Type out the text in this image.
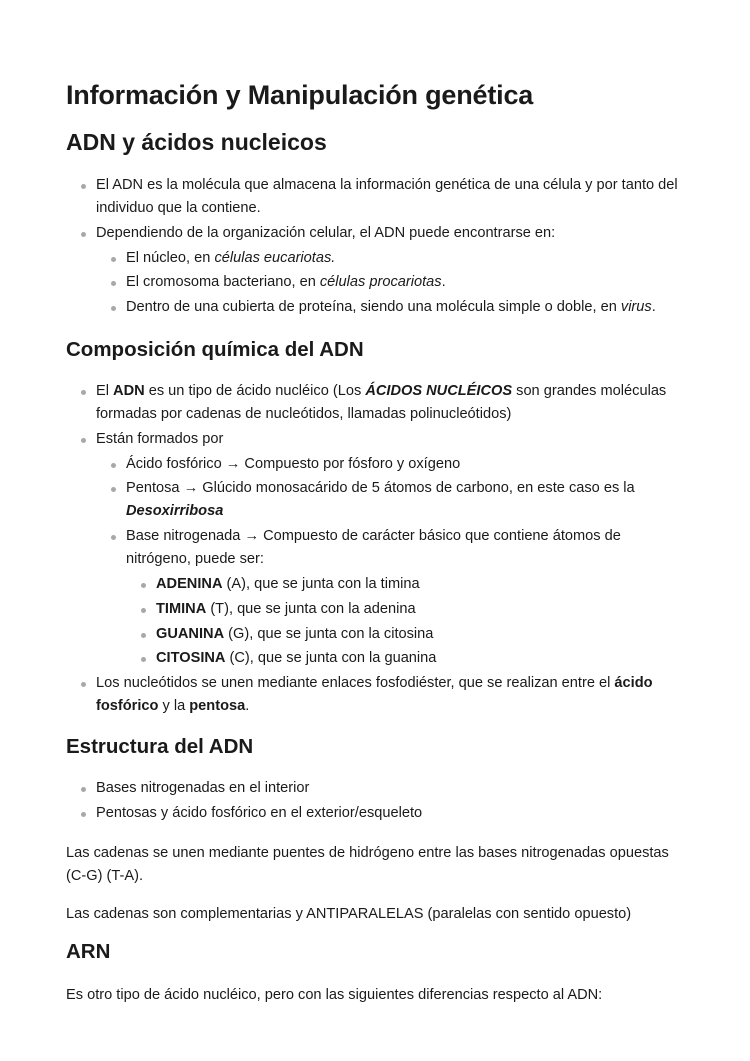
Información y Manipulación genética
ADN y ácidos nucleicos
El ADN es la molécula que almacena la información genética de una célula y por tanto del individuo que la contiene.
Dependiendo de la organización celular, el ADN puede encontrarse en:
El núcleo, en células eucariotas.
El cromosoma bacteriano, en células procariotas.
Dentro de una cubierta de proteína, siendo una molécula simple o doble, en virus.
Composición química del ADN
El ADN es un tipo de ácido nucléico (Los ÁCIDOS NUCLÉICOS son grandes moléculas formadas por cadenas de nucleótidos, llamadas polinucleótidos)
Están formados por
Ácido fosfórico → Compuesto por fósforo y oxígeno
Pentosa → Glúcido monosacárido de 5 átomos de carbono, en este caso es la Desoxirribosa
Base nitrogenada → Compuesto de carácter básico que contiene átomos de nitrógeno, puede ser:
ADENINA (A), que se junta con la timina
TIMINA (T), que se junta con la adenina
GUANINA (G), que se junta con la citosina
CITOSINA (C), que se junta con la guanina
Los nucleótidos se unen mediante enlaces fosfodiéster, que se realizan entre el ácido fosfórico y la pentosa.
Estructura del ADN
Bases nitrogenadas en el interior
Pentosas y ácido fosfórico en el exterior/esqueleto

Las cadenas se unen mediante puentes de hidrógeno entre las bases nitrogenadas opuestas (C-G) (T-A).

Las cadenas son complementarias y ANTIPARALELAS (paralelas con sentido opuesto)

ARN

Es otro tipo de ácido nucléico, pero con las siguientes diferencias respecto al ADN:
